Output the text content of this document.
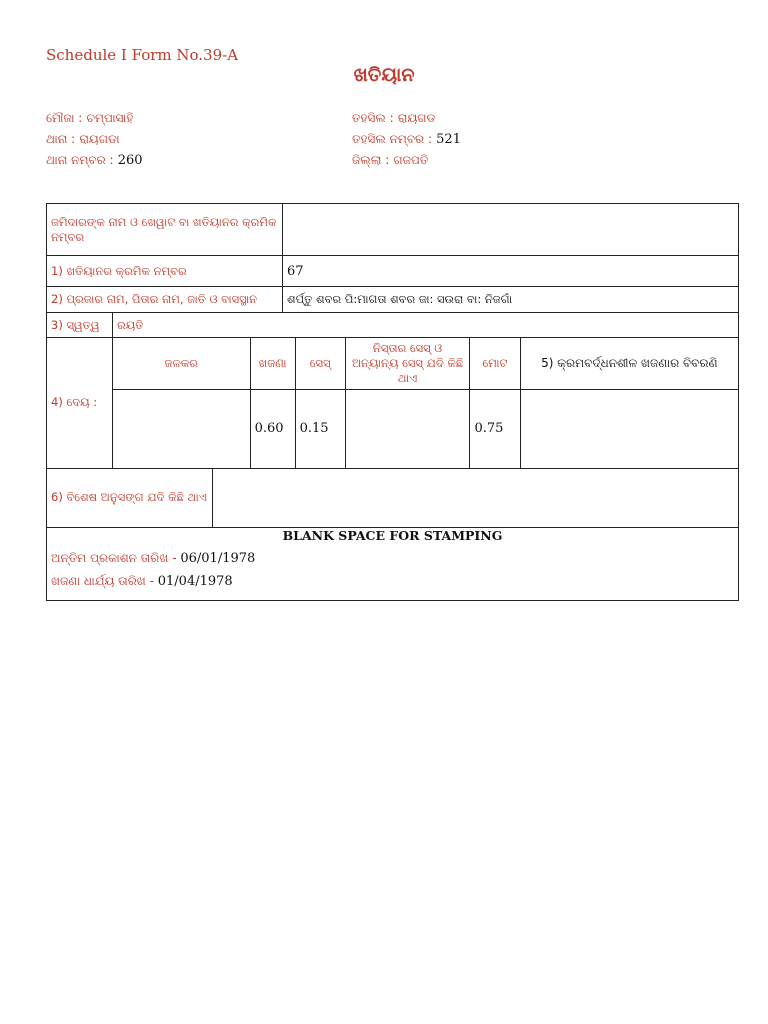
Schedule I Form No.39-A
ଖତିୟାନ
ମୌଜା : ଚମ୍ପାସାହି
ଥାନା : ରାୟଗଡା
ଥାନା ନମ୍ବର : 260
ତହସିଲ : ରାୟଗଡ
ତହସିଲ ନମ୍ବର : 521
ଜିଲ୍ଲା : ଗଜପତି
ଜମିଦାରଙ୍କ ନାମ ଓ ଖେୱାଟ ବା ଖତିୟାନର କ୍ରମିକ ନମ୍ବର	
1) ଖତିୟାନର କ୍ରମିକ ନମ୍ବର	67
2) ପ୍ରଜାର ନାମ, ପିତାର ନାମ, ଜାତି ଓ ବାସସ୍ଥାନ	ଶର୍ପ୍ତୁ ଶବର ପି:ମାଗତା ଶବର ଜା: ସଉରା ବା: ନିଜଗାଁ
3) ସ୍ୱତ୍ୱ	ରୟତି
4) ଦେୟ :	
ଜଳକର	ଖଜଣା	ସେସ୍	ନିସ୍ତାର ସେସ୍ ଓ ଅନ୍ୟାନ୍ୟ ସେସ୍ ଯଦି କିଛି ଥାଏ	ମୋଟ	5) କ୍ରମବର୍ଦ୍ଧନଶୀଳ ଖଜଣାର ବିବରଣି
	0.60	0.15		0.75	

6) ବିଶେଷ ଅନୁସଙ୍ଗ ଯଦି କିଛି ଥାଏ	

BLANK SPACE FOR STAMPING
ଅନ୍ତିମ ପ୍ରକାଶନ ତାରିଖ - 06/01/1978
ଖଜଣା ଧାର୍ଯ୍ୟ ତାରିଖ - 01/04/1978
